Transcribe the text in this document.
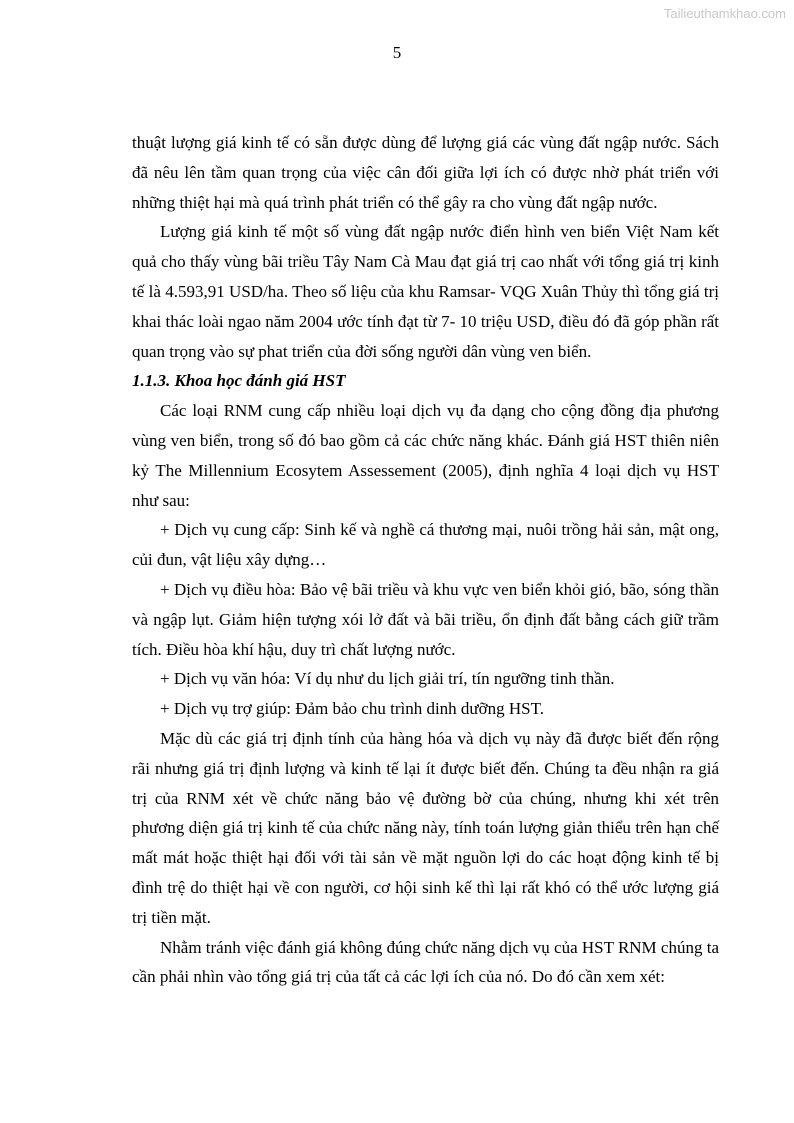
Tailieuthamkhao.com
5

thuật lượng giá kinh tế có sẵn được dùng để lượng giá các vùng đất ngập nước. Sách đã nêu lên tầm quan trọng của việc cân đối giữa lợi ích có được nhờ phát triển với những thiệt hại mà quá trình phát triển có thể gây ra cho vùng đất ngập nước.

Lượng giá kinh tế một số vùng đất ngập nước điển hình ven biển Việt Nam kết quả cho thấy vùng bãi triều Tây Nam Cà Mau đạt giá trị cao nhất với tổng giá trị kinh tế là 4.593,91 USD/ha. Theo số liệu của khu Ramsar- VQG Xuân Thủy thì tổng giá trị khai thác loài ngao năm 2004 ước tính đạt từ 7- 10 triệu USD, điều đó đã góp phần rất quan trọng vào sự phat triển của đời sống người dân vùng ven biển.

1.1.3. Khoa học đánh giá HST

Các loại RNM cung cấp nhiều loại dịch vụ đa dạng cho cộng đồng địa phương vùng ven biển, trong số đó bao gồm cả các chức năng khác. Đánh giá HST thiên niên kỷ The Millennium Ecosytem Assessement (2005), định nghĩa 4 loại dịch vụ HST như sau:

+ Dịch vụ cung cấp: Sinh kế và nghề cá thương mại, nuôi trồng hải sản, mật ong, củi đun, vật liệu xây dựng…

+ Dịch vụ điều hòa: Bảo vệ bãi triều và khu vực ven biển khỏi gió, bão, sóng thần và ngập lụt. Giảm hiện tượng xói lở đất và bãi triều, ổn định đất bằng cách giữ trầm tích. Điều hòa khí hậu, duy trì chất lượng nước.

+ Dịch vụ văn hóa: Ví dụ như du lịch giải trí, tín ngưỡng tinh thần.

+ Dịch vụ trợ giúp: Đảm bảo chu trình dinh dưỡng HST.

Mặc dù các giá trị định tính của hàng hóa và dịch vụ này đã được biết đến rộng rãi nhưng giá trị định lượng và kinh tế lại ít được biết đến. Chúng ta đều nhận ra giá trị của RNM xét về chức năng bảo vệ đường bờ của chúng, nhưng khi xét trên phương diện giá trị kinh tế của chức năng này, tính toán lượng giản thiểu trên hạn chế mất mát hoặc thiệt hại đối với tài sản về mặt nguồn lợi do các hoạt động kinh tế bị đình trệ do thiệt hại về con người, cơ hội sinh kế thì lại rất khó có thể ước lượng giá trị tiền mặt.

Nhằm tránh việc đánh giá không đúng chức năng dịch vụ của HST RNM chúng ta cần phải nhìn vào tổng giá trị của tất cả các lợi ích của nó. Do đó cần xem xét:
